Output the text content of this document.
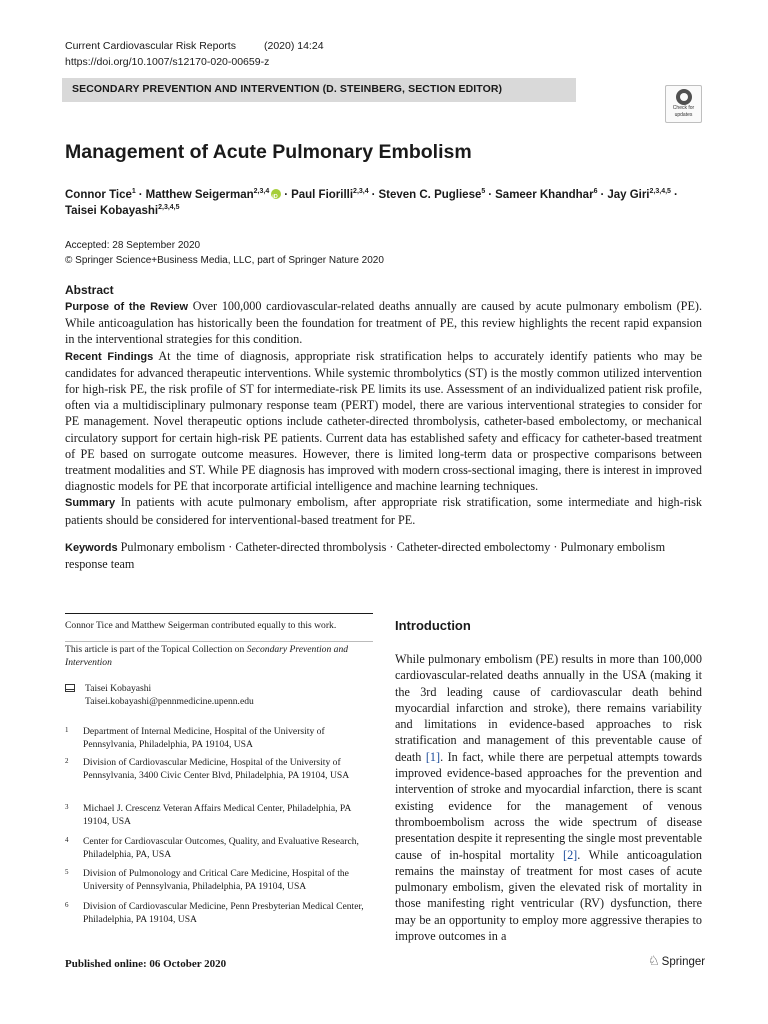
Current Cardiovascular Risk Reports	(2020) 14:24
https://doi.org/10.1007/s12170-020-00659-z
SECONDARY PREVENTION AND INTERVENTION (D. STEINBERG, SECTION EDITOR)
Check for
updates
Management of Acute Pulmonary Embolism
Connor Tice$^1$ · Matthew Seigerman$^{2,3,4}$iD · Paul Fiorilli$^{2,3,4}$ · Steven C. Pugliese$^5$ · Sameer Khandhar$^6$ · Jay Giri$^{2,3,4,5}$ ·
Taisei Kobayashi$^{2,3,4,5}$
Accepted: 28 September 2020
© Springer Science+Business Media, LLC, part of Springer Nature 2020
Abstract

Purpose of the Review Over 100,000 cardiovascular-related deaths annually are caused by acute pulmonary embolism (PE). While anticoagulation has historically been the foundation for treatment of PE, this review highlights the recent rapid expansion in the interventional strategies for this condition.

Recent Findings At the time of diagnosis, appropriate risk stratification helps to accurately identify patients who may be candidates for advanced therapeutic interventions. While systemic thrombolytics (ST) is the mostly common utilized intervention for high-risk PE, the risk profile of ST for intermediate-risk PE limits its use. Assessment of an individualized patient risk profile, often via a multidisciplinary pulmonary response team (PERT) model, there are various interventional strategies to consider for PE management. Novel therapeutic options include catheter-directed thrombolysis, catheter-based embolectomy, or mechanical circulatory support for certain high-risk PE patients. Current data has established safety and efficacy for catheter-based treatment of PE based on surrogate outcome measures. However, there is limited long-term data or prospective comparisons between treatment modalities and ST. While PE diagnosis has improved with modern cross-sectional imaging, there is interest in improved diagnostic models for PE that incorporate artificial intelligence and machine learning techniques.

Summary In patients with acute pulmonary embolism, after appropriate risk stratification, some intermediate and high-risk patients should be considered for interventional-based treatment for PE.

Keywords Pulmonary embolism · Catheter-directed thrombolysis · Catheter-directed embolectomy · Pulmonary embolism response team
Connor Tice and Matthew Seigerman contributed equally to this work.
This article is part of the Topical Collection on Secondary Prevention and Intervention
Taisei Kobayashi
Taisei.kobayashi@pennmedicine.upenn.edu
1 Department of Internal Medicine, Hospital of the University of Pennsylvania, Philadelphia, PA 19104, USA
2 Division of Cardiovascular Medicine, Hospital of the University of Pennsylvania, 3400 Civic Center Blvd, Philadelphia, PA 19104, USA
3 Michael J. Crescenz Veteran Affairs Medical Center, Philadelphia, PA 19104, USA
4 Center for Cardiovascular Outcomes, Quality, and Evaluative Research, Philadelphia, PA, USA
5 Division of Pulmonology and Critical Care Medicine, Hospital of the University of Pennsylvania, Philadelphia, PA 19104, USA
6 Division of Cardiovascular Medicine, Penn Presbyterian Medical Center, Philadelphia, PA 19104, USA
Introduction
While pulmonary embolism (PE) results in more than 100,000 cardiovascular-related deaths annually in the USA (making it the 3rd leading cause of cardiovascular death behind myocardial infarction and stroke), there remains variability and limitations in evidence-based approaches to risk stratification and management of this preventable cause of death [1]. In fact, while there are perpetual attempts towards improved evidence-based approaches for the prevention and intervention of stroke and myocardial infarction, there is scant existing evidence for the management of venous thromboembolism across the wide spectrum of disease presentation despite it representing the single most preventable cause of in-hospital mortality [2]. While anticoagulation remains the mainstay of treatment for most cases of acute pulmonary embolism, given the elevated risk of mortality in those manifesting right ventricular (RV) dysfunction, there may be an opportunity to employ more aggressive therapies to improve outcomes in a
Published online: 06 October 2020	♘ Springer
